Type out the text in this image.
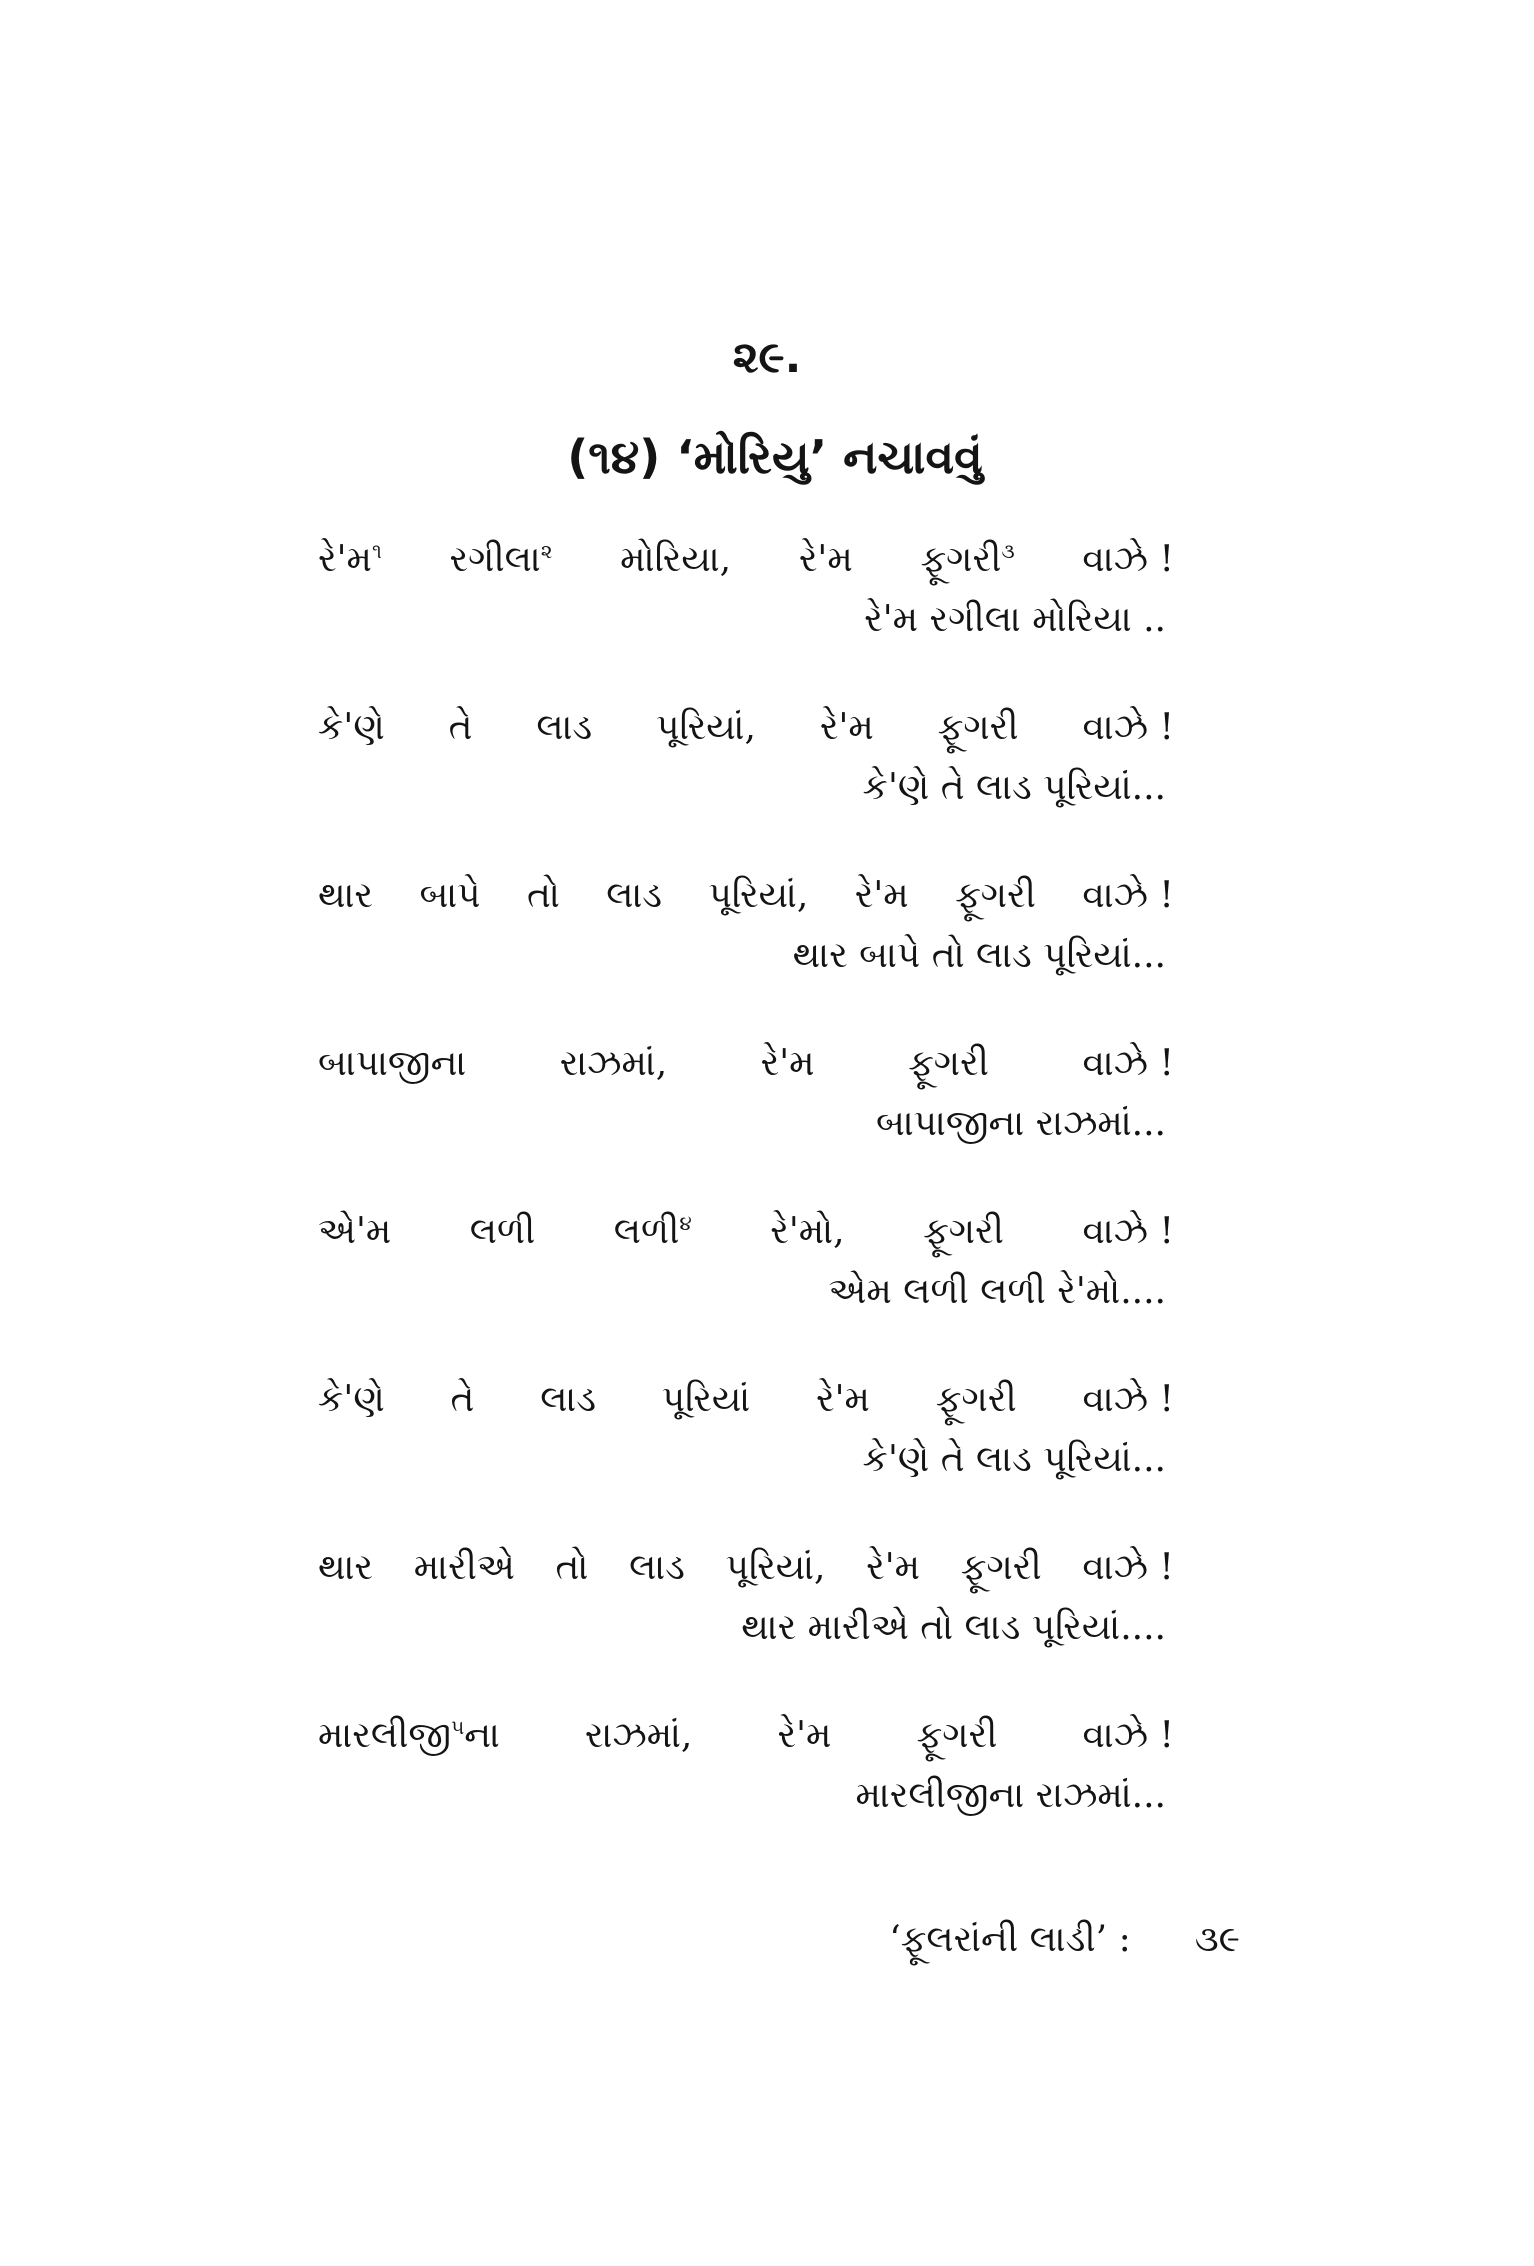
૨૯.
(૧૪) ‘મોરિયુ’ નચાવવું
રે'મ$^૧$ રગીલા$^૨$ મોરિયા, રે'મ ફૂગરી$^૩$ વાઝે !
રે'મ રગીલા મોરિયા ..
કે'ણે તે લાડ પૂરિયાં, રે'મ ફૂગરી વાઝે !
કે'ણે તે લાડ પૂરિયાં...
થાર બાપે તો લાડ પૂરિયાં, રે'મ ફૂગરી વાઝે !
થાર બાપે તો લાડ પૂરિયાં...
બાપાજીના	રાઝમાં,	રે'મ	ફૂગરી	વાઝે !
બાપાજીના રાઝમાં...
એ'મ લળી લળી$^૪$ રે'મો, ફૂગરી વાઝે !
એમ લળી લળી રે'મો....
કે'ણે તે લાડ પૂરિયાં રે'મ ફૂગરી વાઝે !
કે'ણે તે લાડ પૂરિયાં...
થાર મારીએ તો લાડ પૂરિયાં, રે'મ ફૂગરી વાઝે !
થાર મારીએ તો લાડ પૂરિયાં....
મારલીજી$^૫$ના રાઝમાં, રે'મ ફૂગરી વાઝે !
મારલીજીના રાઝમાં...
‘ફૂલરાંની લાડી’ : ૩૯
